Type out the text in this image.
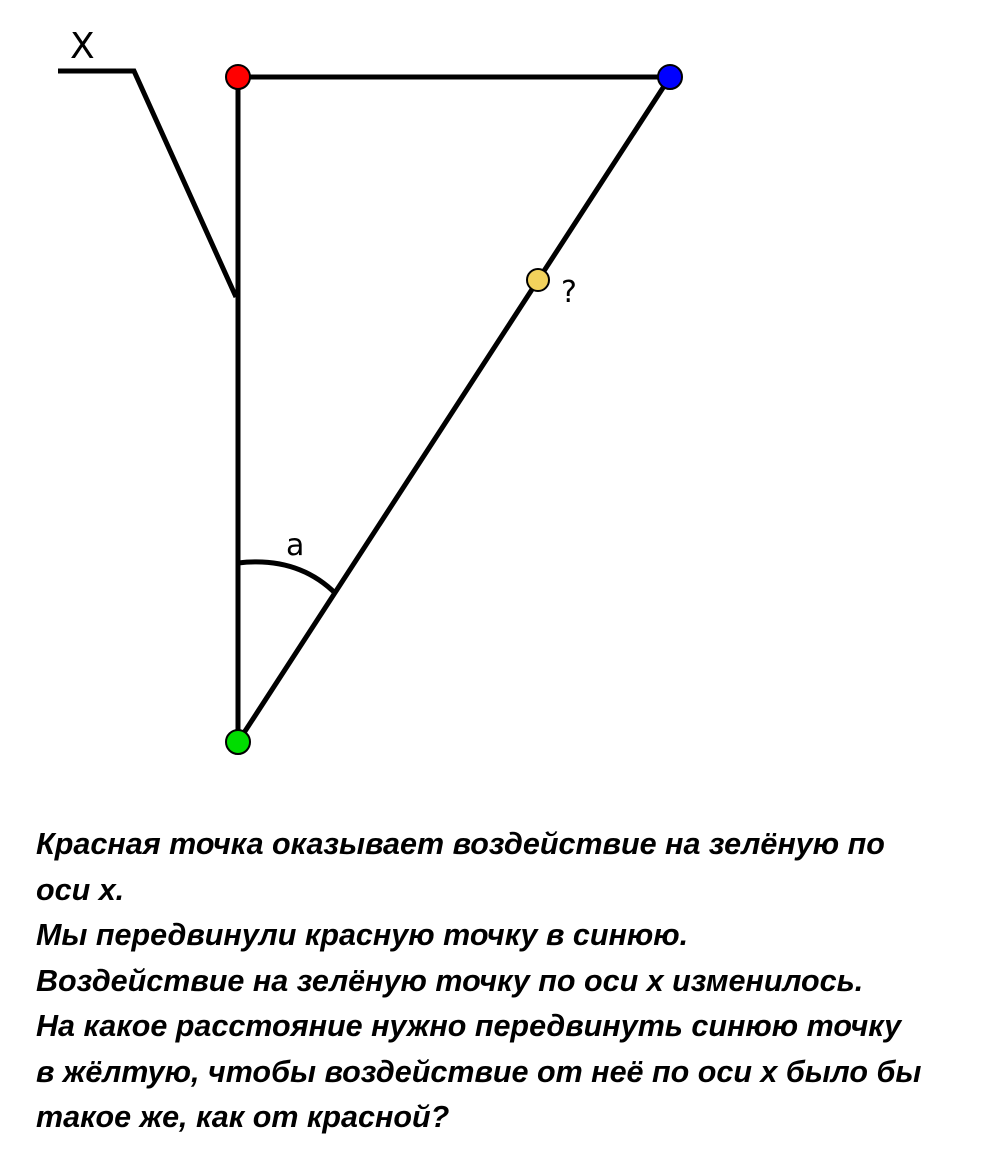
X
a
?

Красная точка оказывает воздействие на зелёную по

оси x.

Мы передвинули красную точку в синюю.

Воздействие на зелёную точку по оси x изменилось.

На какое расстояние нужно передвинуть синюю точку

в жёлтую, чтобы воздействие от неё по оси x было бы

такое же, как от красной?
